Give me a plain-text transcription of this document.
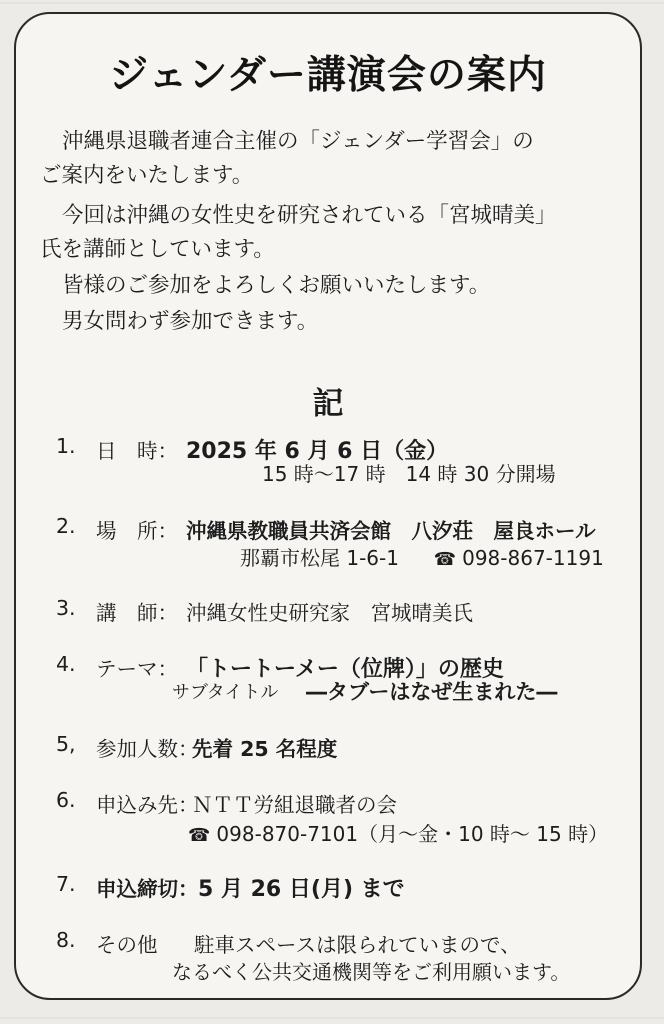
ジェンダー講演会の案内
沖縄県退職者連合主催の「ジェンダー学習会」の
ご案内をいたします。
今回は沖縄の女性史を研究されている「宮城晴美」
氏を講師としています。
皆様のご参加をよろしくお願いいたします。
男女問わず参加できます。
記
1. 日　時： 2025 年 6 月 6 日（金）
15 時～17 時　14 時 30 分開場
2. 場　所： 沖縄県教職員共済会館　八汐荘　屋良ホール
那覇市松尾 1-6-1 ☎ 098-867-1191
3. 講　師： 沖縄女性史研究家　宮城晴美氏
4. テーマ： 「トートーメー（位牌）」の歴史
サブタイトル ―タブーはなぜ生まれた―
5, 参加人数：
先着 25 名程度
6. 申込み先：
ＮＴＴ労組退職者の会
☎ 098-870-7101（月～金・10 時～ 15 時）
7. 申込締切： 5 月 26 日(月) まで
8. その他 駐車スペースは限られていまので、
なるべく公共交通機関等をご利用願います。
